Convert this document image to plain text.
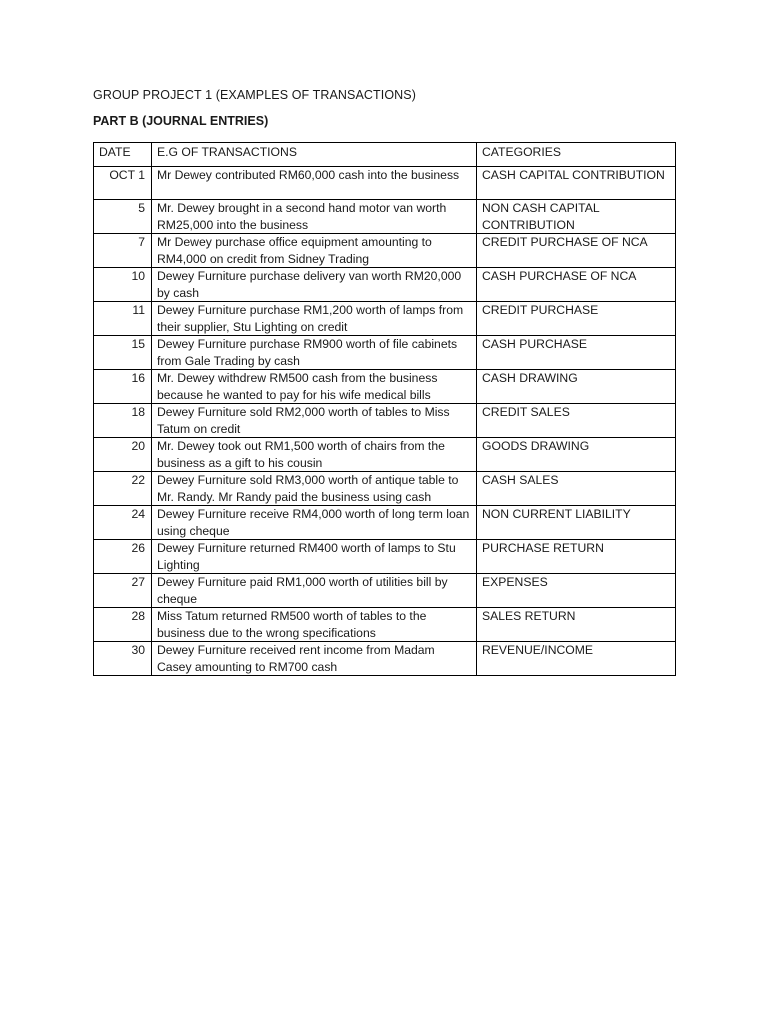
GROUP PROJECT 1 (EXAMPLES OF TRANSACTIONS)
PART B (JOURNAL ENTRIES)
DATE	E.G OF TRANSACTIONS	CATEGORIES
OCT 1	Mr Dewey contributed RM60,000 cash into the business	CASH CAPITAL CONTRIBUTION
5	Mr. Dewey brought in a second hand motor van worth RM25,000 into the business	NON CASH CAPITAL CONTRIBUTION
7	Mr Dewey purchase office equipment amounting to RM4,000 on credit from Sidney Trading	CREDIT PURCHASE OF NCA
10	Dewey Furniture purchase delivery van worth RM20,000 by cash	CASH PURCHASE OF NCA
11	Dewey Furniture purchase RM1,200 worth of lamps from their supplier, Stu Lighting on credit	CREDIT PURCHASE
15	Dewey Furniture purchase RM900 worth of file cabinets from Gale Trading by cash	CASH PURCHASE
16	Mr. Dewey withdrew RM500 cash from the business because he wanted to pay for his wife medical bills	CASH DRAWING
18	Dewey Furniture sold RM2,000 worth of tables to Miss Tatum on credit	CREDIT SALES
20	Mr. Dewey took out RM1,500 worth of chairs from the business as a gift to his cousin	GOODS DRAWING
22	Dewey Furniture sold RM3,000 worth of antique table to Mr. Randy. Mr Randy paid the business using cash	CASH SALES
24	Dewey Furniture receive RM4,000 worth of long term loan using cheque	NON CURRENT LIABILITY
26	Dewey Furniture returned RM400 worth of lamps to Stu Lighting	PURCHASE RETURN
27	Dewey Furniture paid RM1,000 worth of utilities bill by cheque	EXPENSES
28	Miss Tatum returned RM500 worth of tables to the business due to the wrong specifications	SALES RETURN
30	Dewey Furniture received rent income from Madam Casey amounting to RM700 cash	REVENUE/INCOME
